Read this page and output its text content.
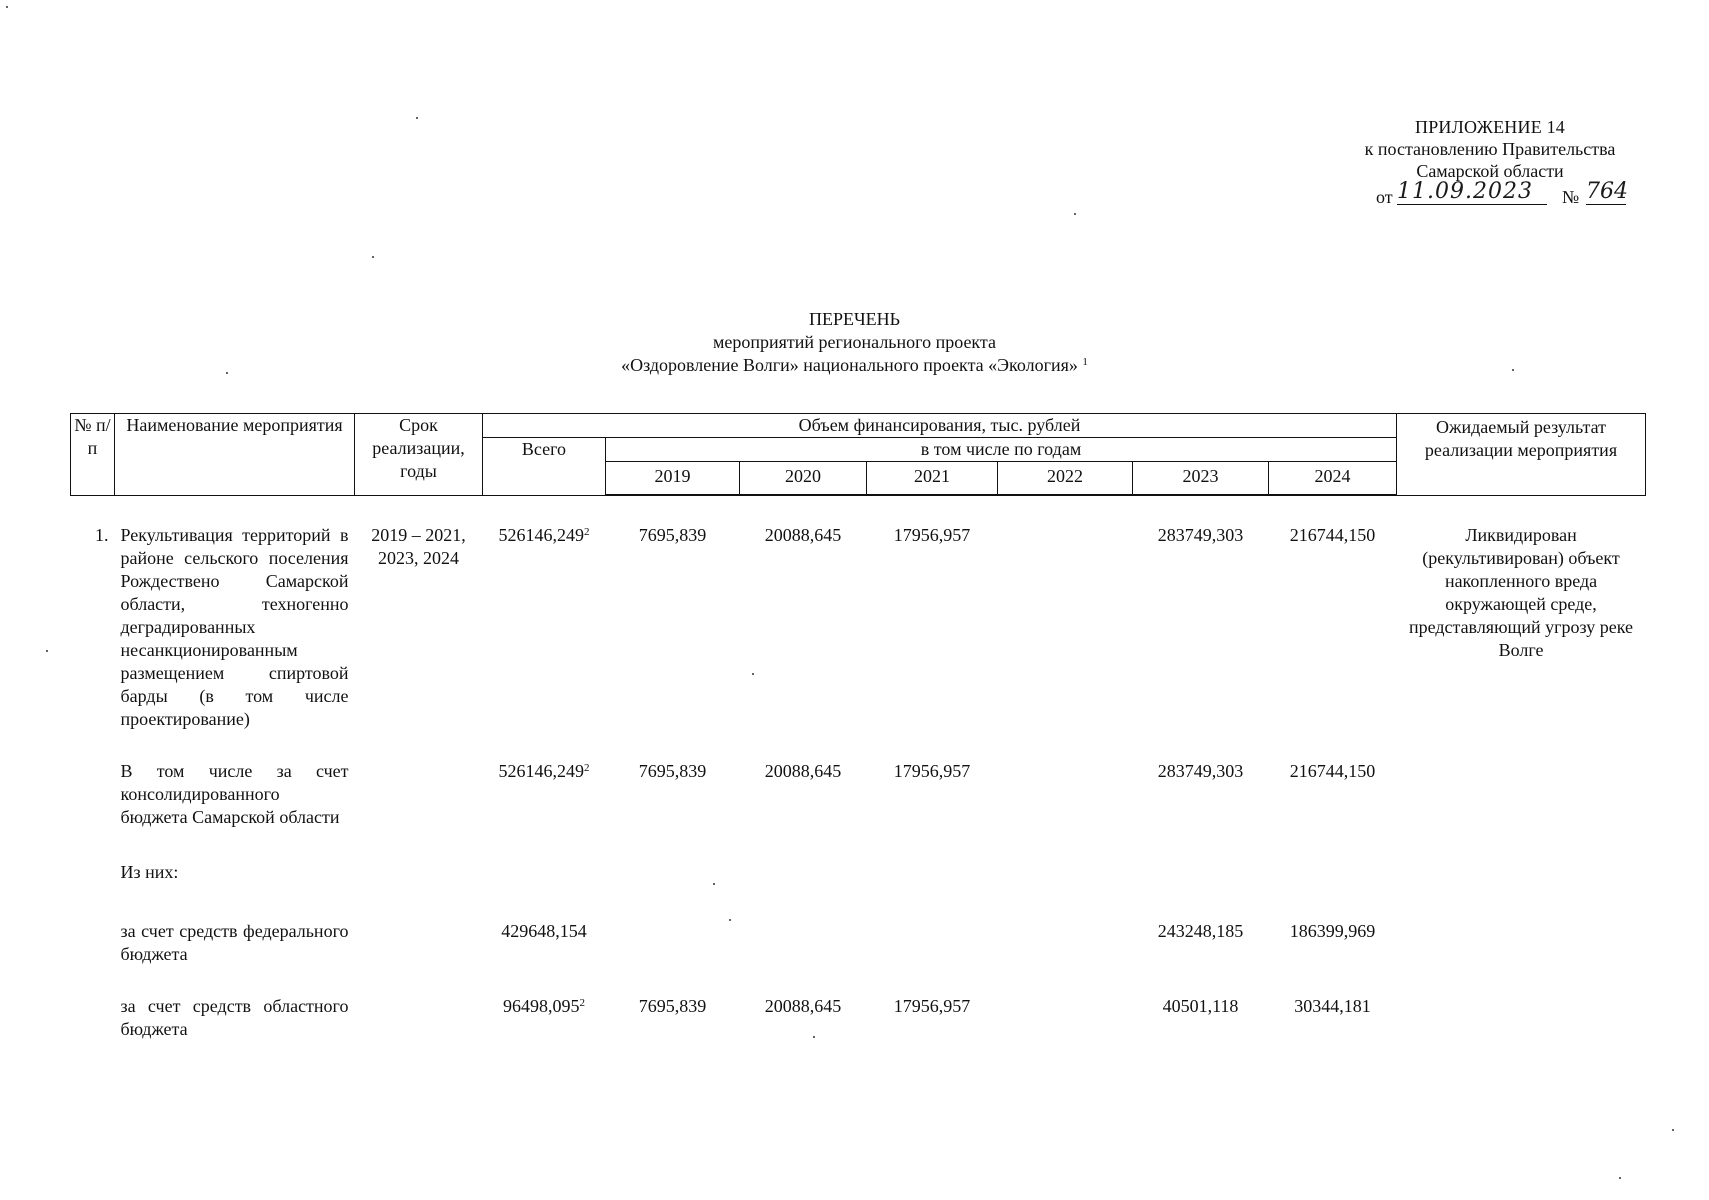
ПРИЛОЖЕНИЕ 14
к постановлению Правительства
Самарской области
от 11.09.2023	№ 764
ПЕРЕЧЕНЬ
мероприятий регионального проекта
«Оздоровление Волги» национального проекта «Экология» $^1$
№ п/п	Наименование мероприятия	Срок реализации, годы	Объем финансирования, тыс. рублей							Ожидаемый результат реализации мероприятия
			Всего	в том числе по годам						
				2019	2020	2021	2022	2023	2024	

1.	Рекультивация территорий в районе сельского поселения Рождествено Самарской области, техногенно деградированных несанкционированным размещением спиртовой барды (в том числе проектирование)	2019 – 2021, 2023, 2024	526146,249$^2$	7695,839	20088,645	17956,957		283749,303	216744,150	Ликвидирован (рекультивирован) объект накопленного вреда окружающей среде, представляющий угрозу реке Волге

	В том числе за счет консолидированного бюджета Самарской области		526146,249$^2$	7695,839	20088,645	17956,957		283749,303	216744,150	

	Из них:									

	за счет средств федерального бюджета		429648,154					243248,185	186399,969	

	за счет средств областного бюджета		96498,095$^2$	7695,839	20088,645	17956,957		40501,118	30344,181	
